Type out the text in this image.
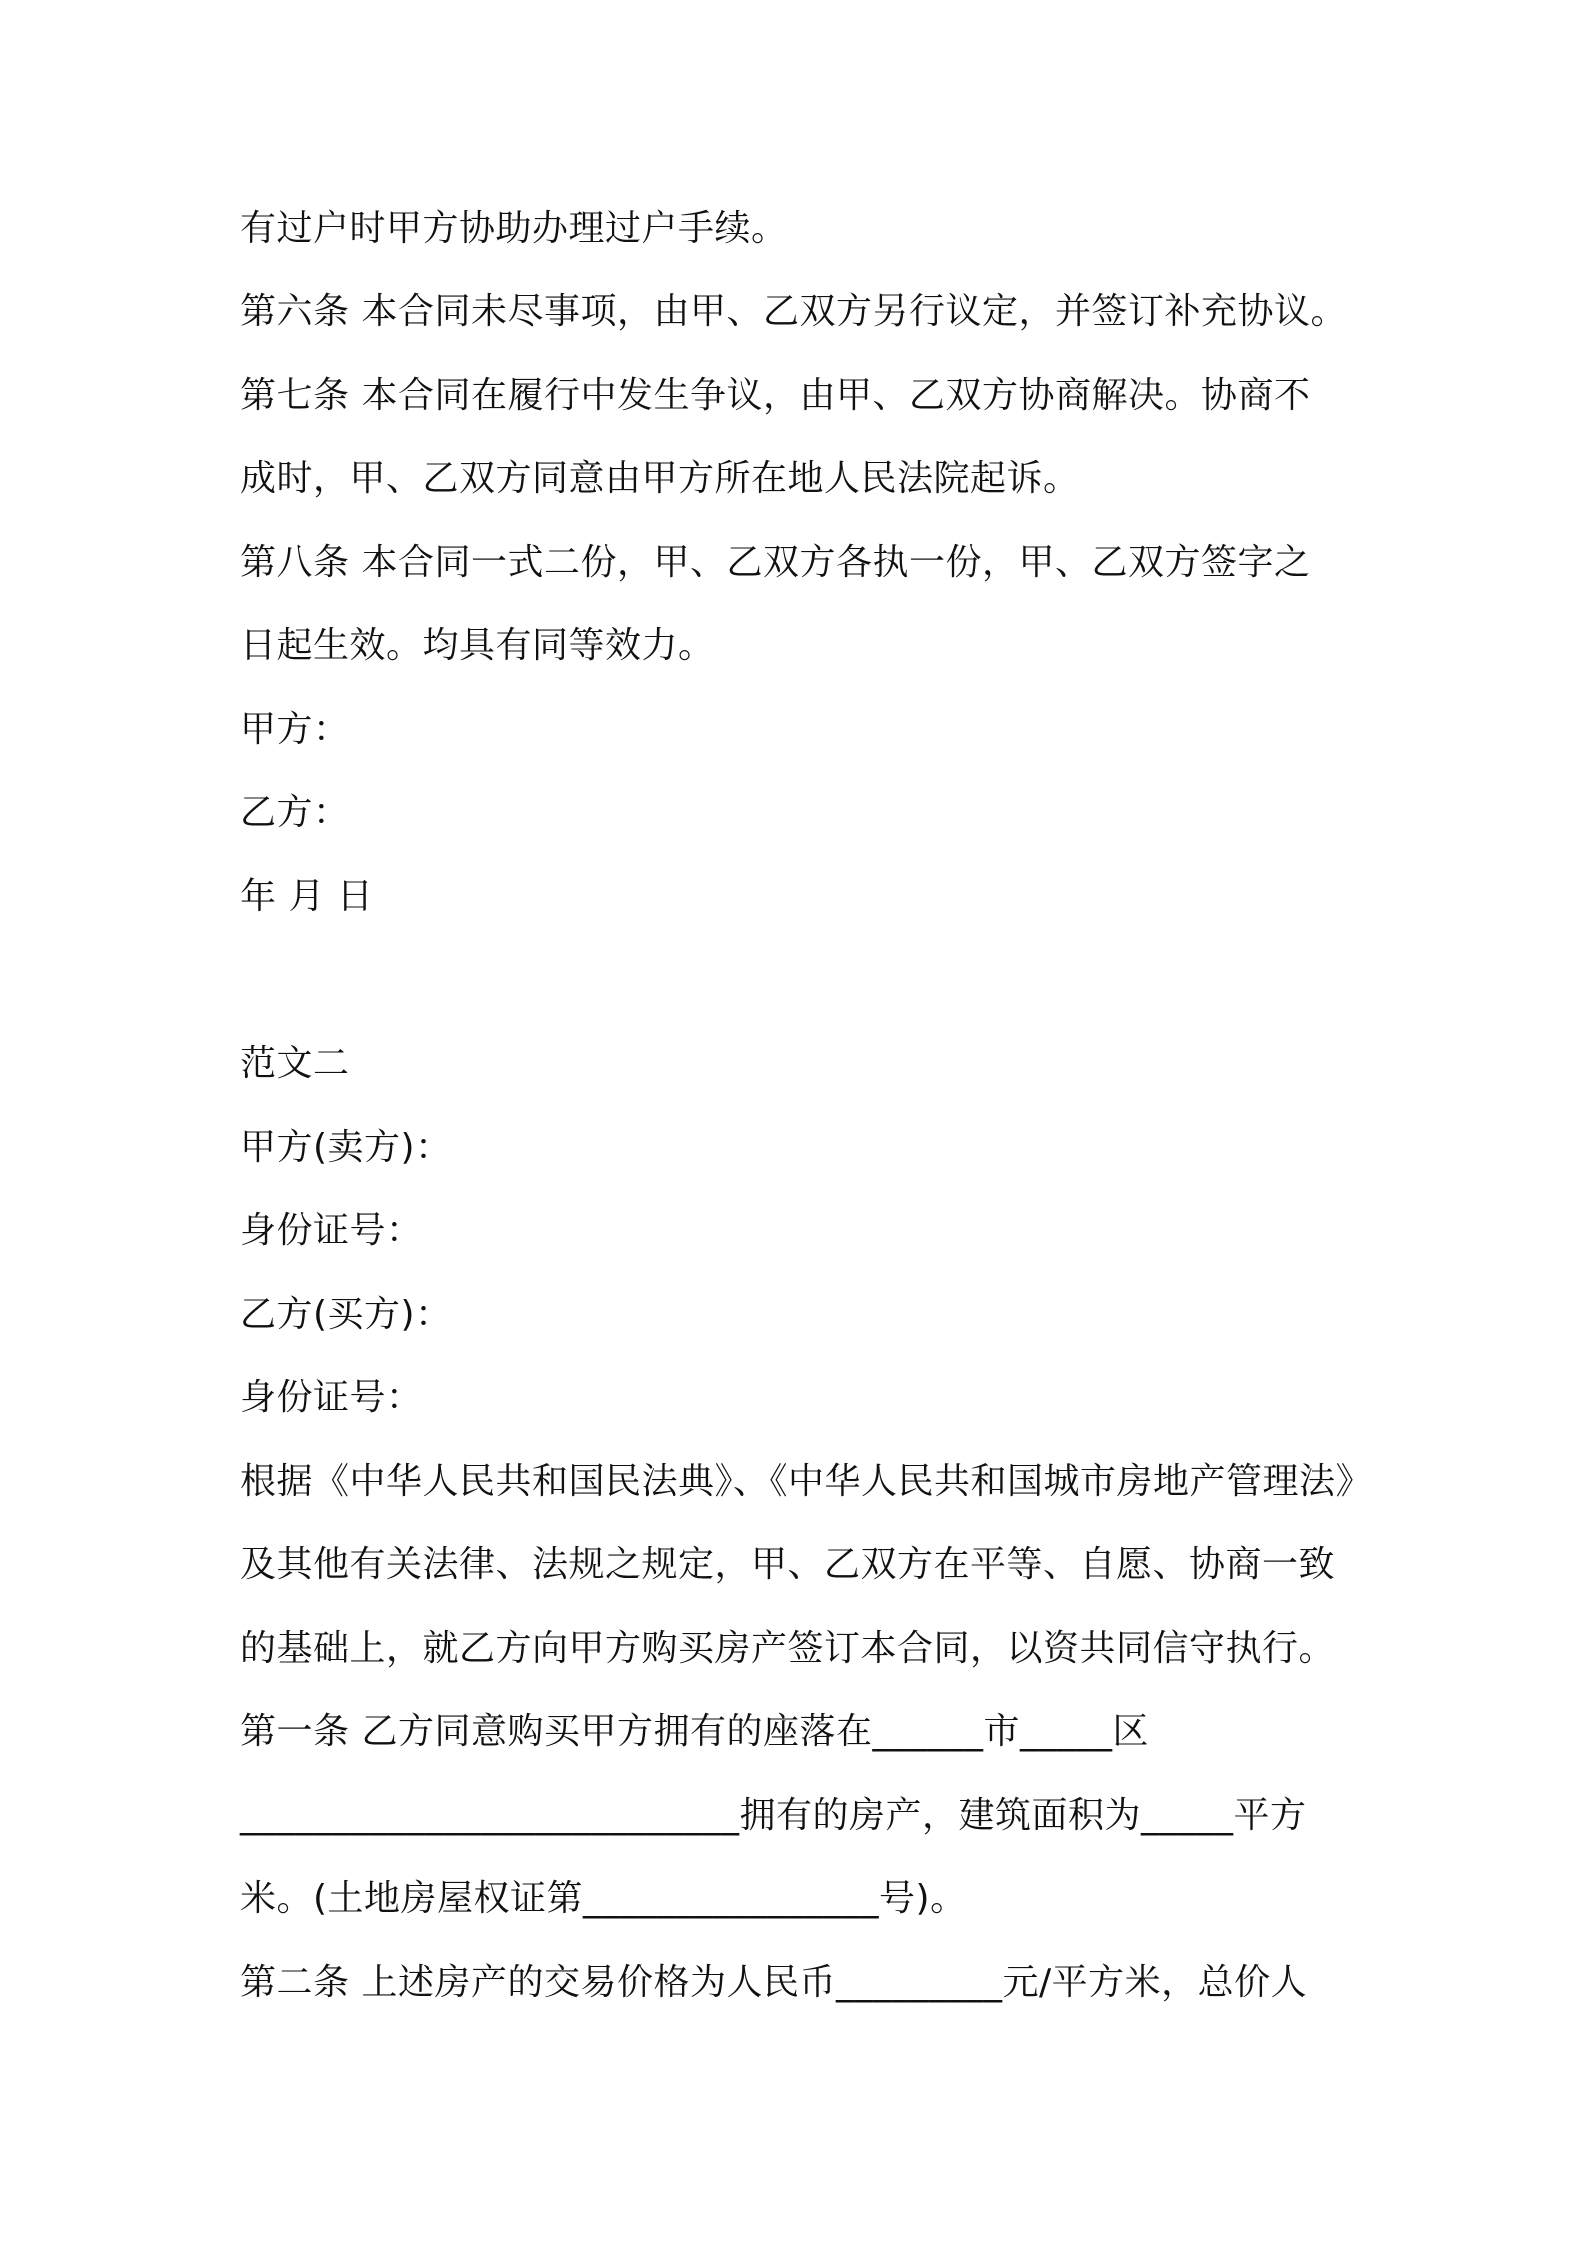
有过户时甲方协助办理过户手续。
第六条 本合同未尽事项，由甲、乙双方另行议定，并签订补充协议。
第七条 本合同在履行中发生争议，由甲、乙双方协商解决。协商不
成时，甲、乙双方同意由甲方所在地人民法院起诉。
第八条 本合同一式二份，甲、乙双方各执一份，甲、乙双方签字之
日起生效。均具有同等效力。
甲方：
乙方：
年 月 日
范文二
甲方(卖方)：
身份证号：
乙方(买方)：
身份证号：
根据《中华人民共和国民法典》、《中华人民共和国城市房地产管理法》
及其他有关法律、法规之规定，甲、乙双方在平等、自愿、协商一致
的基础上，就乙方向甲方购买房产签订本合同，以资共同信守执行。
第一条 乙方同意购买甲方拥有的座落在______市_____区
___________________________拥有的房产，建筑面积为_____平方
米。(土地房屋权证第________________号)。
第二条 上述房产的交易价格为人民币_________元/平方米，总价人
